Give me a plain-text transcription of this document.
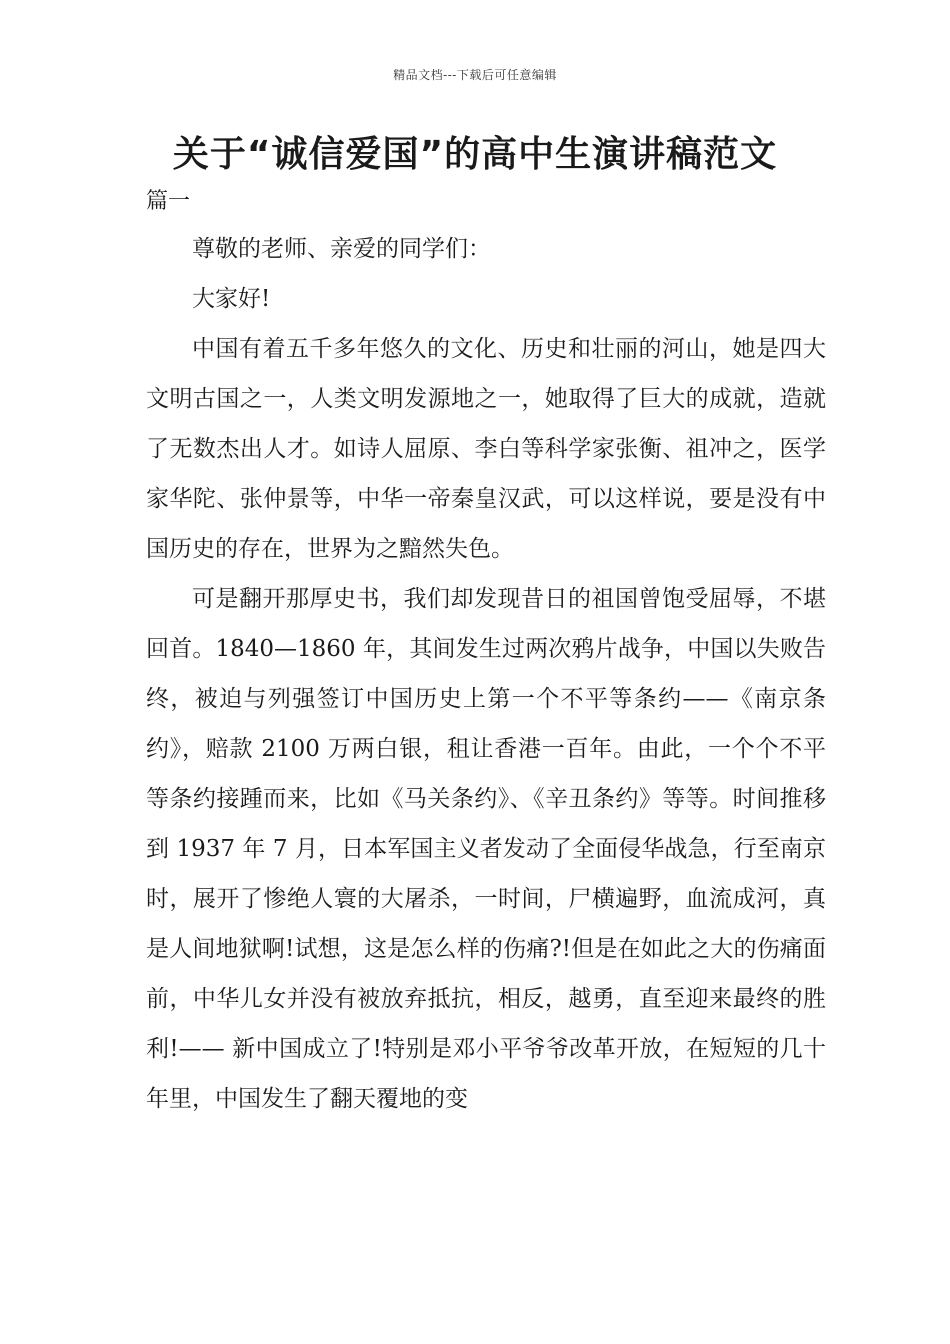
精品文档---下载后可任意编辑
关于“诚信爱国”的高中生演讲稿范文
篇一

尊敬的老师、亲爱的同学们：

大家好!

中国有着五千多年悠久的文化、历史和壮丽的河山，她是四大文明古国之一，人类文明发源地之一，她取得了巨大的成就，造就了无数杰出人才。如诗人屈原、李白等科学家张衡、祖冲之，医学家华陀、张仲景等，中华一帝秦皇汉武，可以这样说，要是没有中国历史的存在，世界为之黯然失色。

可是翻开那厚史书，我们却发现昔日的祖国曾饱受屈辱，不堪回首。1840—1860 年，其间发生过两次鸦片战争，中国以失败告终，被迫与列强签订中国历史上第一个不平等条约——《南京条约》，赔款 2100 万两白银，租让香港一百年。由此，一个个不平等条约接踵而来，比如《马关条约》、《辛丑条约》等等。时间推移到 1937 年 7 月，日本军国主义者发动了全面侵华战急，行至南京时，展开了惨绝人寰的大屠杀，一时间，尸横遍野，血流成河，真是人间地狱啊!试想，这是怎么样的伤痛?!但是在如此之大的伤痛面前，中华儿女并没有被放弃抵抗，相反，越勇，直至迎来最终的胜利!—— 新中国成立了!特别是邓小平爷爷改革开放，在短短的几十年里，中国发生了翻天覆地的变
